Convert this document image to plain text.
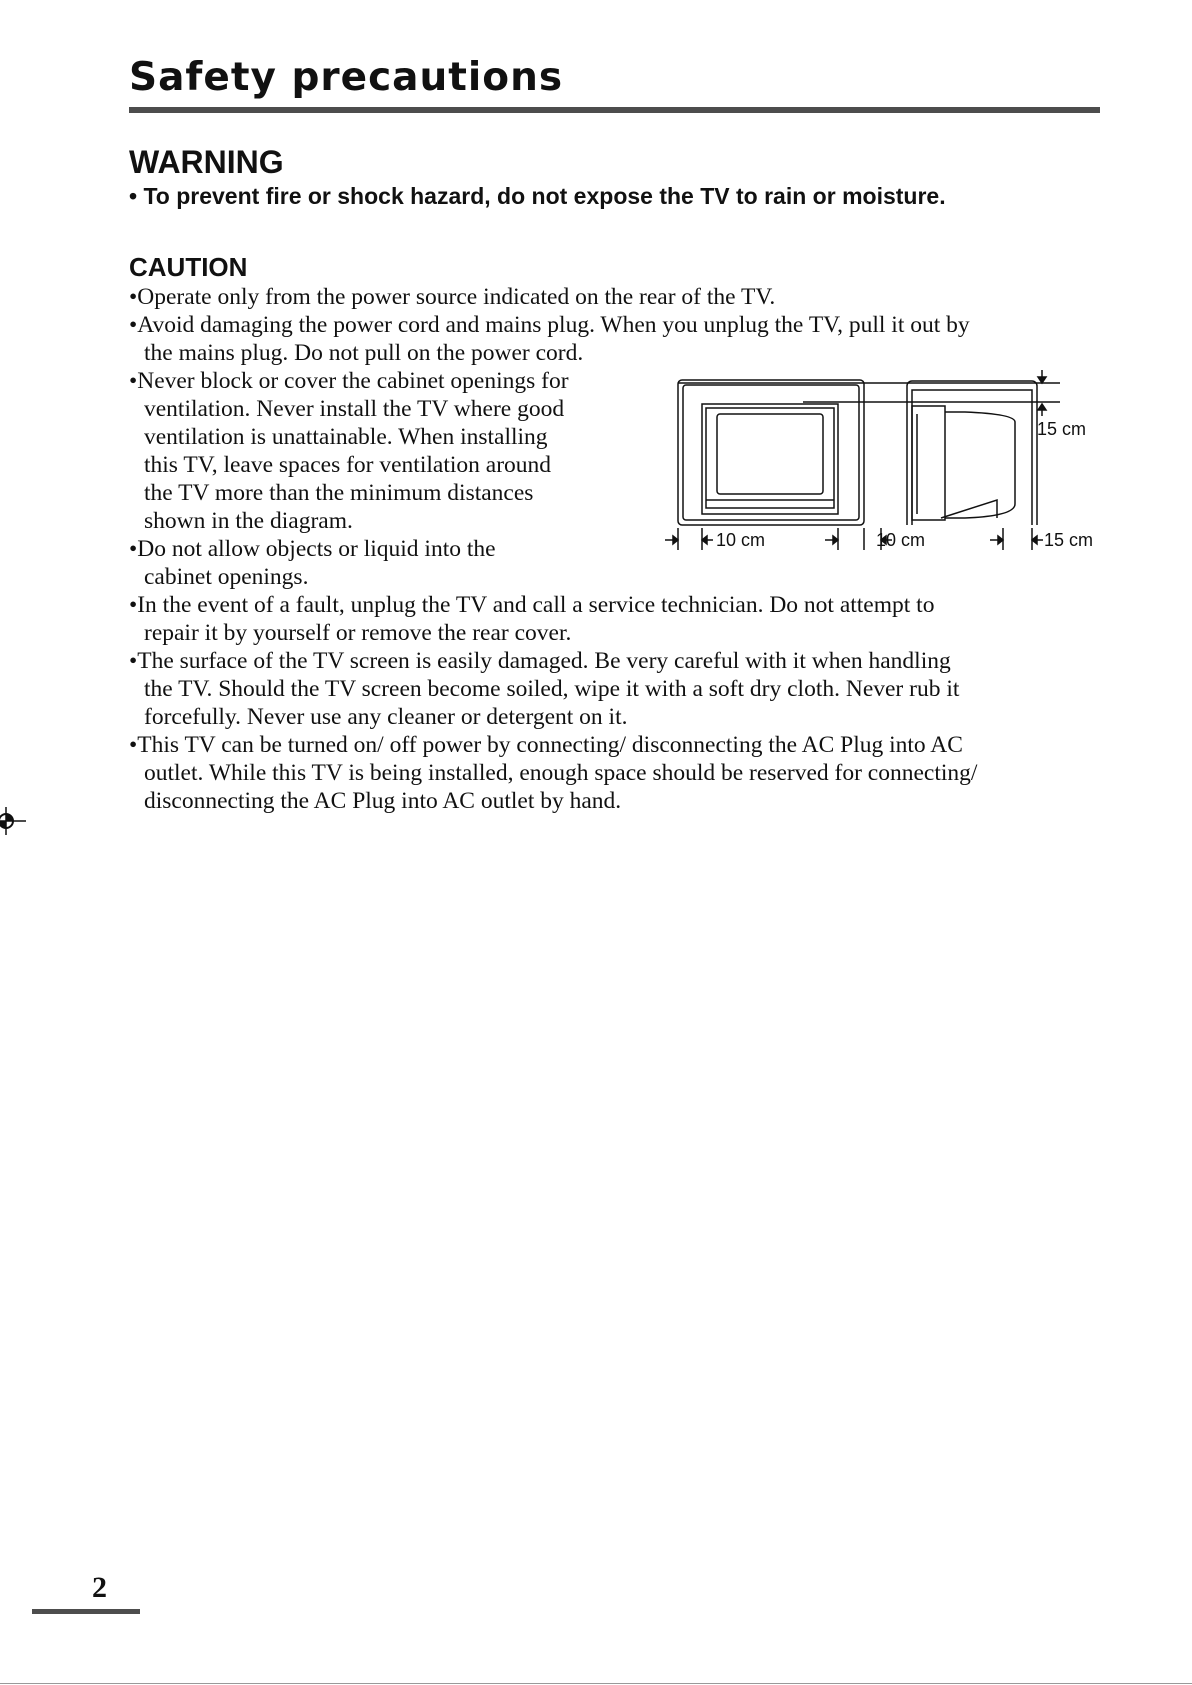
Safety precautions
WARNING
• To prevent fire or shock hazard, do not expose the TV to rain or moisture.
CAUTION
•Operate only from the power source indicated on the rear of the TV.
•Avoid damaging the power cord and mains plug. When you unplug the TV, pull it out by
the mains plug. Do not pull on the power cord.
•Never block or cover the cabinet openings for
ventilation. Never install the TV where good
ventilation is unattainable. When installing
this TV, leave spaces for ventilation around
the TV more than the minimum distances
shown in the diagram.
•Do not allow objects or liquid into the
cabinet openings.
•In the event of a fault, unplug the TV and call a service technician. Do not attempt to
repair it by yourself or remove the rear cover.
•The surface of the TV screen is easily damaged. Be very careful with it when handling
the TV. Should the TV screen become soiled, wipe it with a soft dry cloth. Never rub it
forcefully. Never use any cleaner or detergent on it.
•This TV can be turned on/ off power by connecting/ disconnecting the AC Plug into AC
outlet. While this TV is being installed, enough space should be reserved for connecting/
disconnecting the AC Plug into AC outlet by hand.
15 cm
10 cm	10 cm	15 cm
2
